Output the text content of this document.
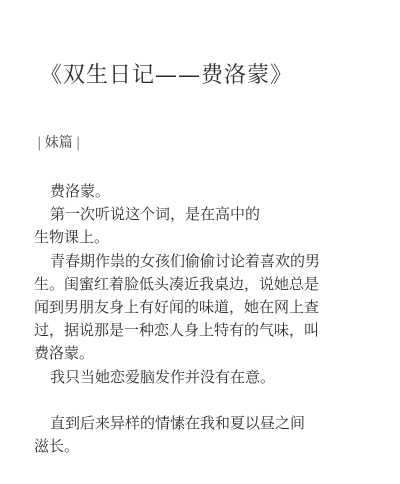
《双生日记——费洛蒙》
| 妹篇 |
费洛蒙。
第一次听说这个词，是在高中的
生物课上。
青春期作祟的女孩们偷偷讨论着喜欢的男
生。闺蜜红着脸低头凑近我桌边，说她总是
闻到男朋友身上有好闻的味道，她在网上查
过，据说那是一种恋人身上特有的气味，叫
费洛蒙。
我只当她恋爱脑发作并没有在意。
直到后来异样的情愫在我和夏以昼之间
滋长。
